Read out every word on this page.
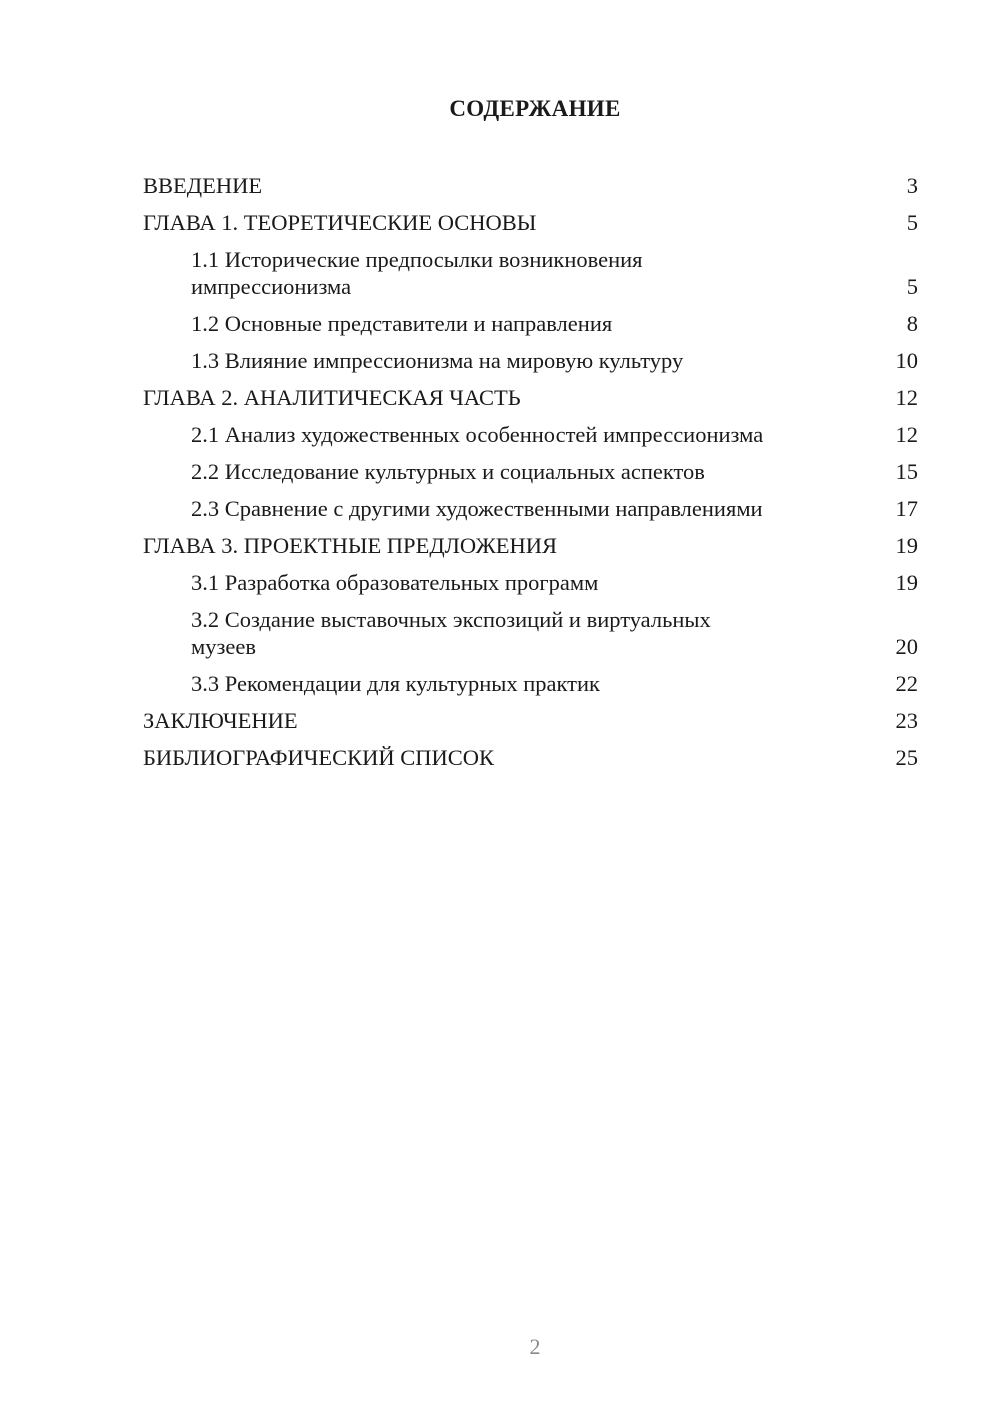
СОДЕРЖАНИЕ
ВВЕДЕНИЕ	3
ГЛАВА 1. ТЕОРЕТИЧЕСКИЕ ОСНОВЫ	5
1.1 Исторические предпосылки возникновения импрессионизма	5
1.2 Основные представители и направления	8
1.3 Влияние импрессионизма на мировую культуру	10
ГЛАВА 2. АНАЛИТИЧЕСКАЯ ЧАСТЬ	12
2.1 Анализ художественных особенностей импрессионизма	12
2.2 Исследование культурных и социальных аспектов	15
2.3 Сравнение с другими художественными направлениями	17
ГЛАВА 3. ПРОЕКТНЫЕ ПРЕДЛОЖЕНИЯ	19
3.1 Разработка образовательных программ	19
3.2 Создание выставочных экспозиций и виртуальных музеев	20
3.3 Рекомендации для культурных практик	22
ЗАКЛЮЧЕНИЕ	23
БИБЛИОГРАФИЧЕСКИЙ СПИСОК	25
2
